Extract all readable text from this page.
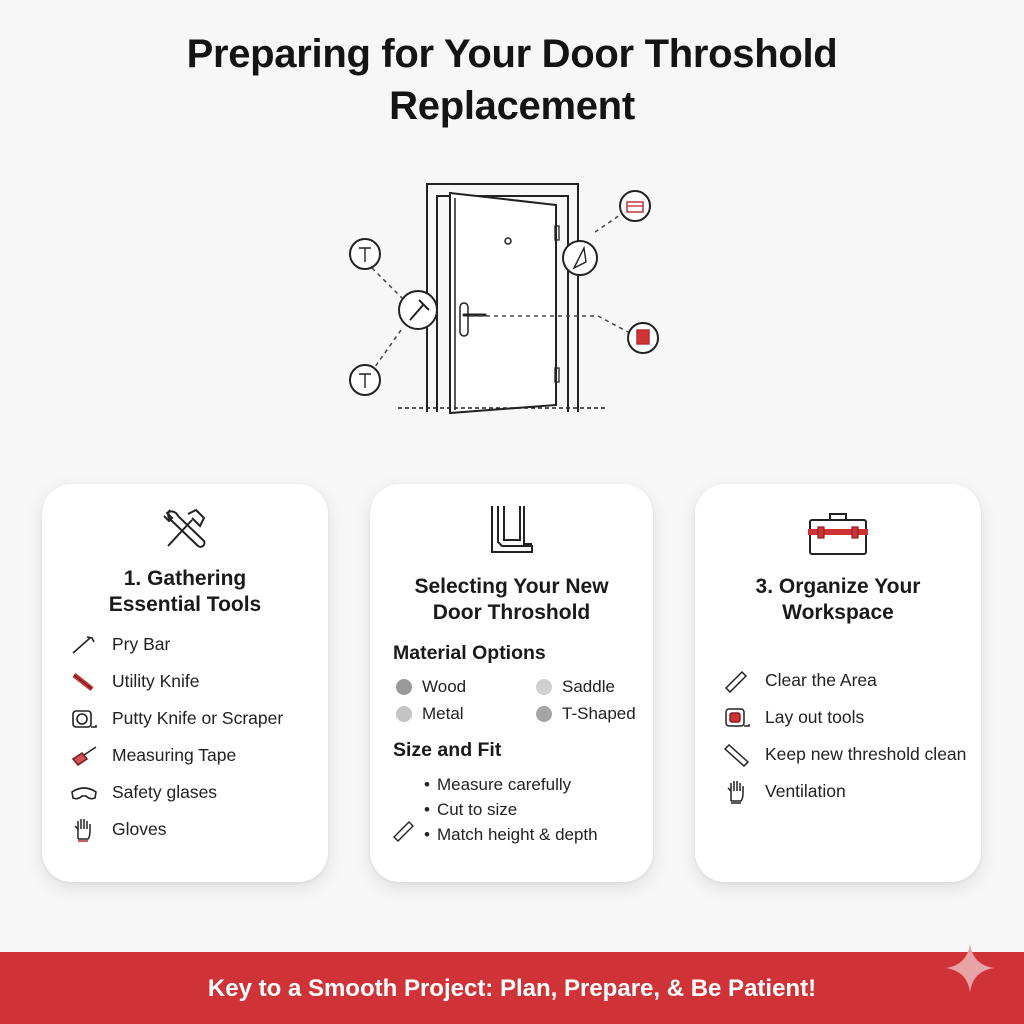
Preparing for Your Door Throshold
Replacement
1. Gathering
Essential Tools
Pry Bar
Utility Knife
Putty Knife or Scraper
Measuring Tape
Safety glases
Gloves
Selecting Your New
Door Throshold
Material Options
Wood	Saddle
Metal	T-Shaped
Size and Fit
• Measure carefully
• Cut to size
• Match height & depth
3. Organize Your
Workspace
Clear the Area
Lay out tools
Keep new threshold clean
Ventilation
Key to a Smooth Project: Plan, Prepare, & Be Patient!
